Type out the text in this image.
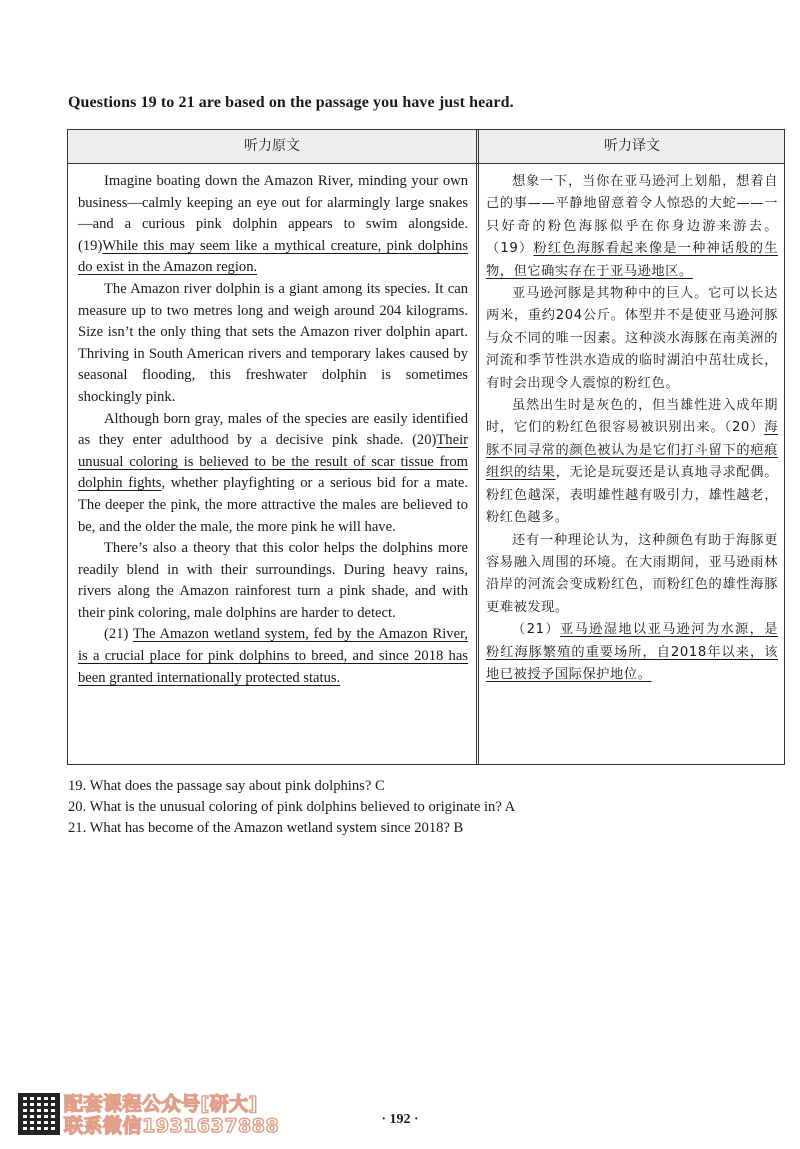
Questions 19 to 21 are based on the passage you have just heard.
听力原文	听力译文

Imagine boating down the Amazon River, minding your own business—calmly keeping an eye out for alarmingly large snakes—and a curious pink dolphin appears to swim alongside.(19)While this may seem like a mythical creature, pink dolphins do exist in the Amazon region.

The Amazon river dolphin is a giant among its species. It can measure up to two metres long and weigh around 204 kilograms. Size isn’t the only thing that sets the Amazon river dolphin apart. Thriving in South American rivers and temporary lakes caused by seasonal flooding, this freshwater dolphin is sometimes shockingly pink.

Although born gray, males of the species are easily identified as they enter adulthood by a decisive pink shade. (20)Their unusual coloring is believed to be the result of scar tissue from dolphin fights, whether playfighting or a serious bid for a mate. The deeper the pink, the more attractive the males are believed to be, and the older the male, the more pink he will have.

There’s also a theory that this color helps the dolphins more readily blend in with their surroundings. During heavy rains, rivers along the Amazon rainforest turn a pink shade, and with their pink coloring, male dolphins are harder to detect.

(21) The Amazon wetland system, fed by the Amazon River, is a crucial place for pink dolphins to breed, and since 2018 has been granted internationally protected status.

想象一下，当你在亚马逊河上划船，想着自己的事——平静地留意着令人惊恐的大蛇——一只好奇的粉色海豚似乎在你身边游来游去。（19）粉红色海豚看起来像是一种神话般的生物，但它确实存在于亚马逊地区。

亚马逊河豚是其物种中的巨人。它可以长达两米，重约204公斤。体型并不是使亚马逊河豚与众不同的唯一因素。这种淡水海豚在南美洲的河流和季节性洪水造成的临时湖泊中茁壮成长，有时会出现令人震惊的粉红色。

虽然出生时是灰色的，但当雄性进入成年期时，它们的粉红色很容易被识别出来。（20）海豚不同寻常的颜色被认为是它们打斗留下的疤痕组织的结果，无论是玩耍还是认真地寻求配偶。粉红色越深，表明雄性越有吸引力，雄性越老，粉红色越多。

还有一种理论认为，这种颜色有助于海豚更容易融入周围的环境。在大雨期间，亚马逊雨林沿岸的河流会变成粉红色，而粉红色的雄性海豚更难被发现。

（21）亚马逊湿地以亚马逊河为水源，是粉红海豚繁殖的重要场所，自2018年以来，该地已被授予国际保护地位。

19. What does the passage say about pink dolphins? C
20. What is the unusual coloring of pink dolphins believed to originate in? A
21. What has become of the Amazon wetland system since 2018? B
配套课程公众号[研大]
联系微信1931637888	· 192 ·
